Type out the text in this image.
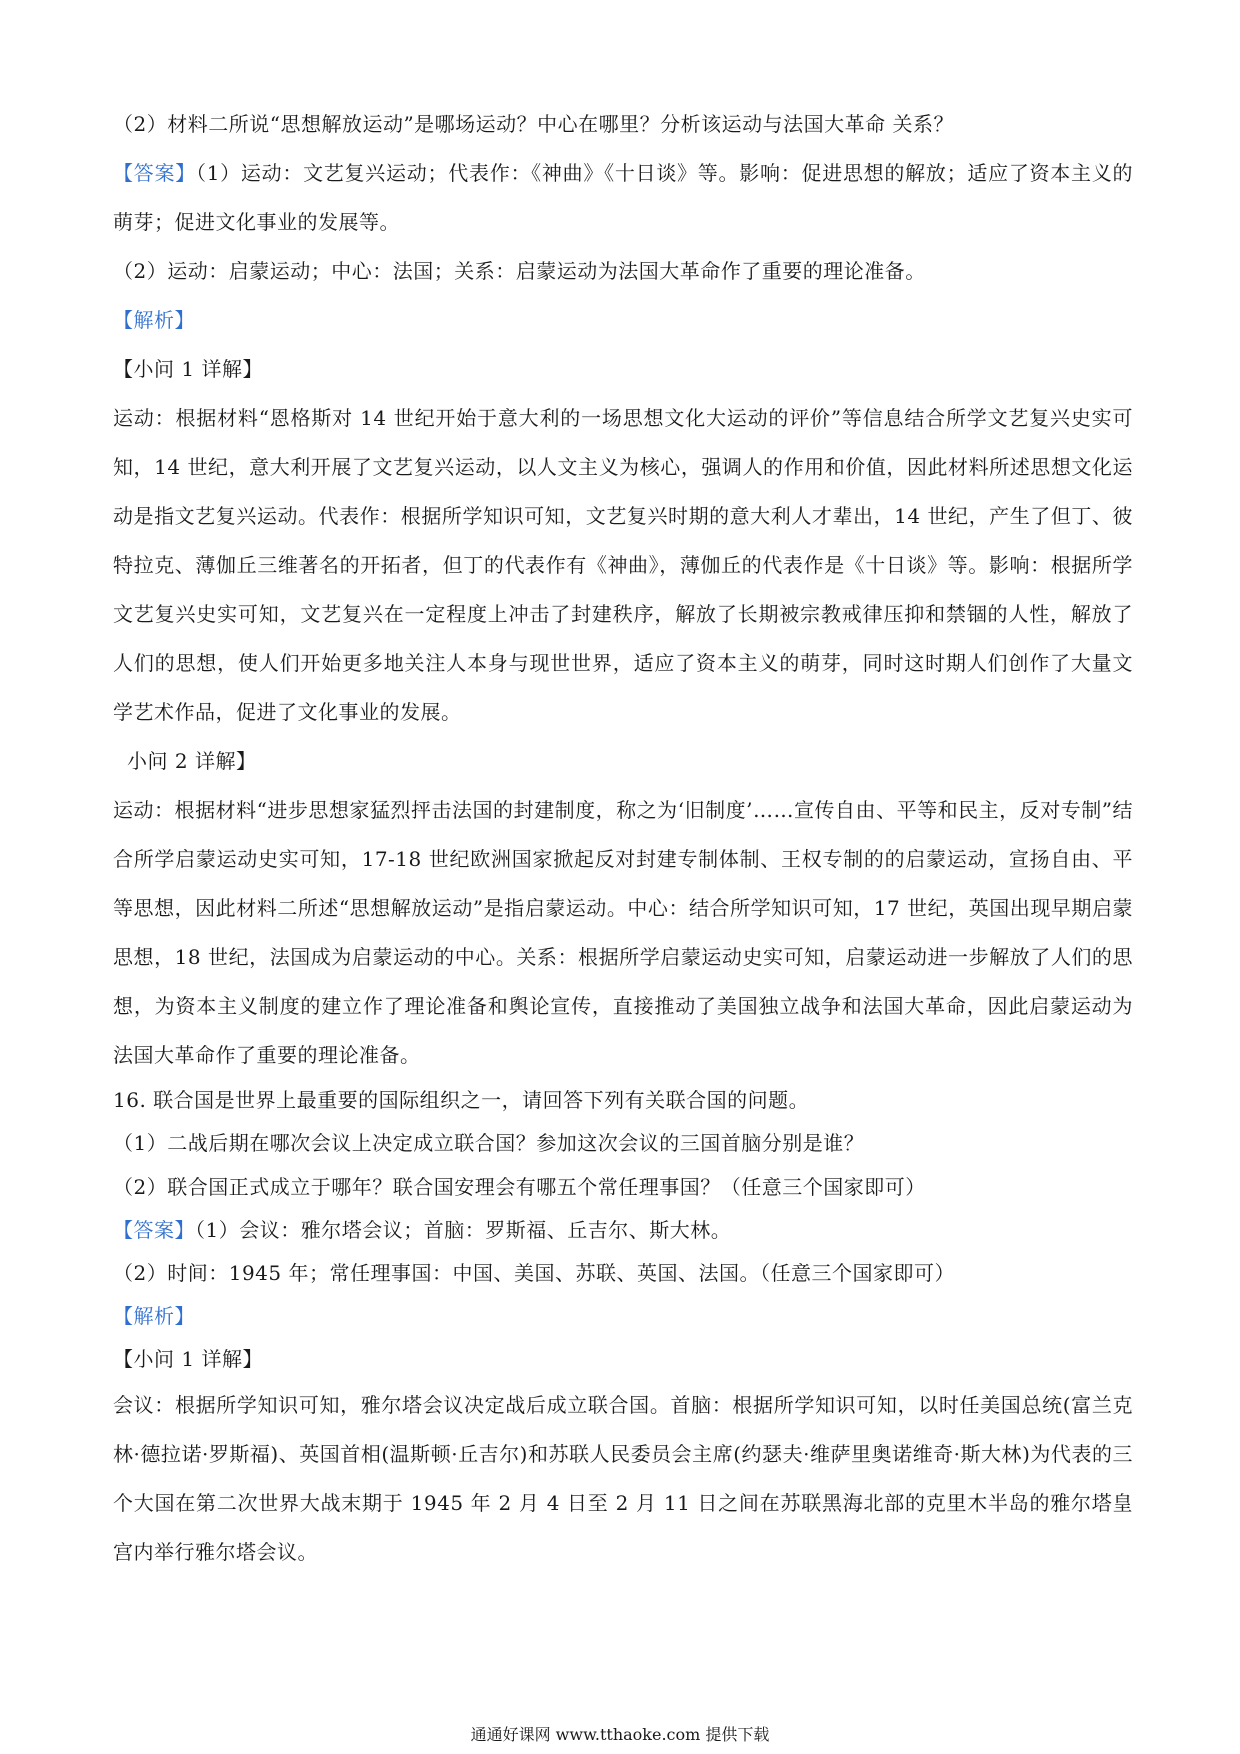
（2）材料二所说“思想解放运动”是哪场运动？中心在哪里？分析该运动与法国大革命 关系？
【答案】（1）运动：文艺复兴运动；代表作：《神曲》《十日谈》等。影响：促进思想的解放；适应了资本主义的萌芽；促进文化事业的发展等。
（2）运动：启蒙运动；中心：法国；关系：启蒙运动为法国大革命作了重要的理论准备。
【解析】
【小问 1 详解】
运动：根据材料“恩格斯对 14 世纪开始于意大利的一场思想文化大运动的评价”等信息结合所学文艺复兴史实可知，14 世纪，意大利开展了文艺复兴运动，以人文主义为核心，强调人的作用和价值，因此材料所述思想文化运动是指文艺复兴运动。代表作：根据所学知识可知，文艺复兴时期的意大利人才辈出，14 世纪，产生了但丁、彼特拉克、薄伽丘三维著名的开拓者，但丁的代表作有《神曲》，薄伽丘的代表作是《十日谈》等。影响：根据所学文艺复兴史实可知，文艺复兴在一定程度上冲击了封建秩序，解放了长期被宗教戒律压抑和禁锢的人性，解放了人们的思想，使人们开始更多地关注人本身与现世世界，适应了资本主义的萌芽，同时这时期人们创作了大量文学艺术作品，促进了文化事业的发展。
小问 2 详解】
运动：根据材料“进步思想家猛烈抨击法国的封建制度，称之为‘旧制度’……宣传自由、平等和民主，反对专制”结合所学启蒙运动史实可知，17-18 世纪欧洲国家掀起反对封建专制体制、王权专制的的启蒙运动，宣扬自由、平等思想，因此材料二所述“思想解放运动”是指启蒙运动。中心：结合所学知识可知，17 世纪，英国出现早期启蒙思想，18 世纪，法国成为启蒙运动的中心。关系：根据所学启蒙运动史实可知，启蒙运动进一步解放了人们的思想，为资本主义制度的建立作了理论准备和舆论宣传，直接推动了美国独立战争和法国大革命，因此启蒙运动为法国大革命作了重要的理论准备。
16. 联合国是世界上最重要的国际组织之一，请回答下列有关联合国的问题。
（1）二战后期在哪次会议上决定成立联合国？参加这次会议的三国首脑分别是谁？
（2）联合国正式成立于哪年？联合国安理会有哪五个常任理事国？（任意三个国家即可）
【答案】（1）会议：雅尔塔会议；首脑：罗斯福、丘吉尔、斯大林。
（2）时间：1945 年；常任理事国：中国、美国、苏联、英国、法国。（任意三个国家即可）
【解析】
【小问 1 详解】
会议：根据所学知识可知，雅尔塔会议决定战后成立联合国。首脑：根据所学知识可知，以时任美国总统(富兰克林·德拉诺·罗斯福)、英国首相(温斯顿·丘吉尔)和苏联人民委员会主席(约瑟夫·维萨里奥诺维奇·斯大林)为代表的三个大国在第二次世界大战末期于 1945 年 2 月 4 日至 2 月 11 日之间在苏联黑海北部的克里木半岛的雅尔塔皇宫内举行雅尔塔会议。
通通好课网 www.tthaoke.com 提供下载
